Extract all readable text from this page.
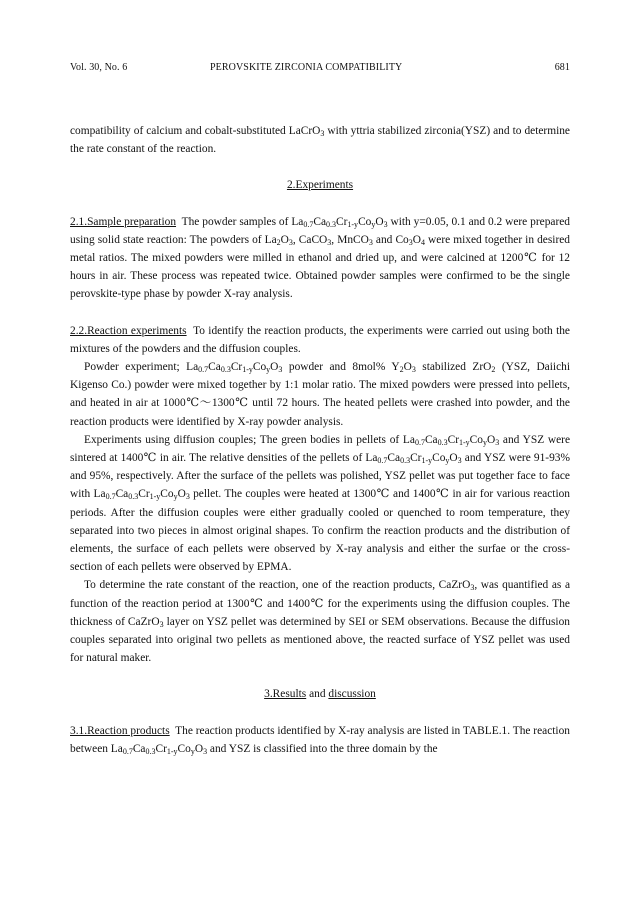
Vol. 30, No. 6	PEROVSKITE ZIRCONIA COMPATIBILITY	681

compatibility of calcium and cobalt-substituted LaCrO$_3$ with yttria stabilized zirconia(YSZ) and to determine the rate constant of the reaction.

2.Experiments

2.1.Sample preparation The powder samples of $La_{0.7}Ca_{0.3}Cr_{1-y}Co_yO_3$ with y=0.05, 0.1 and 0.2 were prepared using solid state reaction: The powders of $La_2O_3$, CaCO$_3$, MnCO$_3$ and $Co_3O_4$ were mixed together in desired metal ratios. The mixed powders were milled in ethanol and dried up, and were calcined at 1200℃ for 12 hours in air. These process was repeated twice. Obtained powder samples were confirmed to be the single perovskite-type phase by powder X-ray analysis.

2.2.Reaction experiments To identify the reaction products, the experiments were carried out using both the mixtures of the powders and the diffusion couples.

Powder experiment; $La_{0.7}Ca_{0.3}Cr_{1-y}Co_yO_3$ powder and 8mol% $Y_2O_3$ stabilized ZrO$_2$ (YSZ, Daiichi Kigenso Co.) powder were mixed together by 1:1 molar ratio. The mixed powders were pressed into pellets, and heated in air at 1000℃～1300℃ until 72 hours. The heated pellets were crashed into powder, and the reaction products were identified by X-ray powder analysis.

Experiments using diffusion couples; The green bodies in pellets of $La_{0.7}Ca_{0.3}Cr_{1-y}Co_yO_3$ and YSZ were sintered at 1400℃ in air. The relative densities of the pellets of $La_{0.7}Ca_{0.3}Cr_{1-y}Co_yO_3$ and YSZ were 91-93% and 95%, respectively. After the surface of the pellets was polished, YSZ pellet was put together face to face with $La_{0.7}Ca_{0.3}Cr_{1-y}Co_yO_3$ pellet. The couples were heated at 1300℃ and 1400℃ in air for various reaction periods. After the diffusion couples were either gradually cooled or quenched to room temperature, they separated into two pieces in almost original shapes. To confirm the reaction products and the distribution of elements, the surface of each pellets were observed by X-ray analysis and either the surfae or the cross-section of each pellets were observed by EPMA.

To determine the rate constant of the reaction, one of the reaction products, CaZrO$_3$, was quantified as a function of the reaction period at 1300℃ and 1400℃ for the experiments using the diffusion couples. The thickness of CaZrO$_3$ layer on YSZ pellet was determined by SEI or SEM observations. Because the diffusion couples separated into original two pellets as mentioned above, the reacted surface of YSZ pellet was used for natural maker.

3.Results and discussion

3.1.Reaction products The reaction products identified by X-ray analysis are listed in TABLE.1. The reaction between $La_{0.7}Ca_{0.3}Cr_{1-y}Co_yO_3$ and YSZ is classified into the three domain by the
